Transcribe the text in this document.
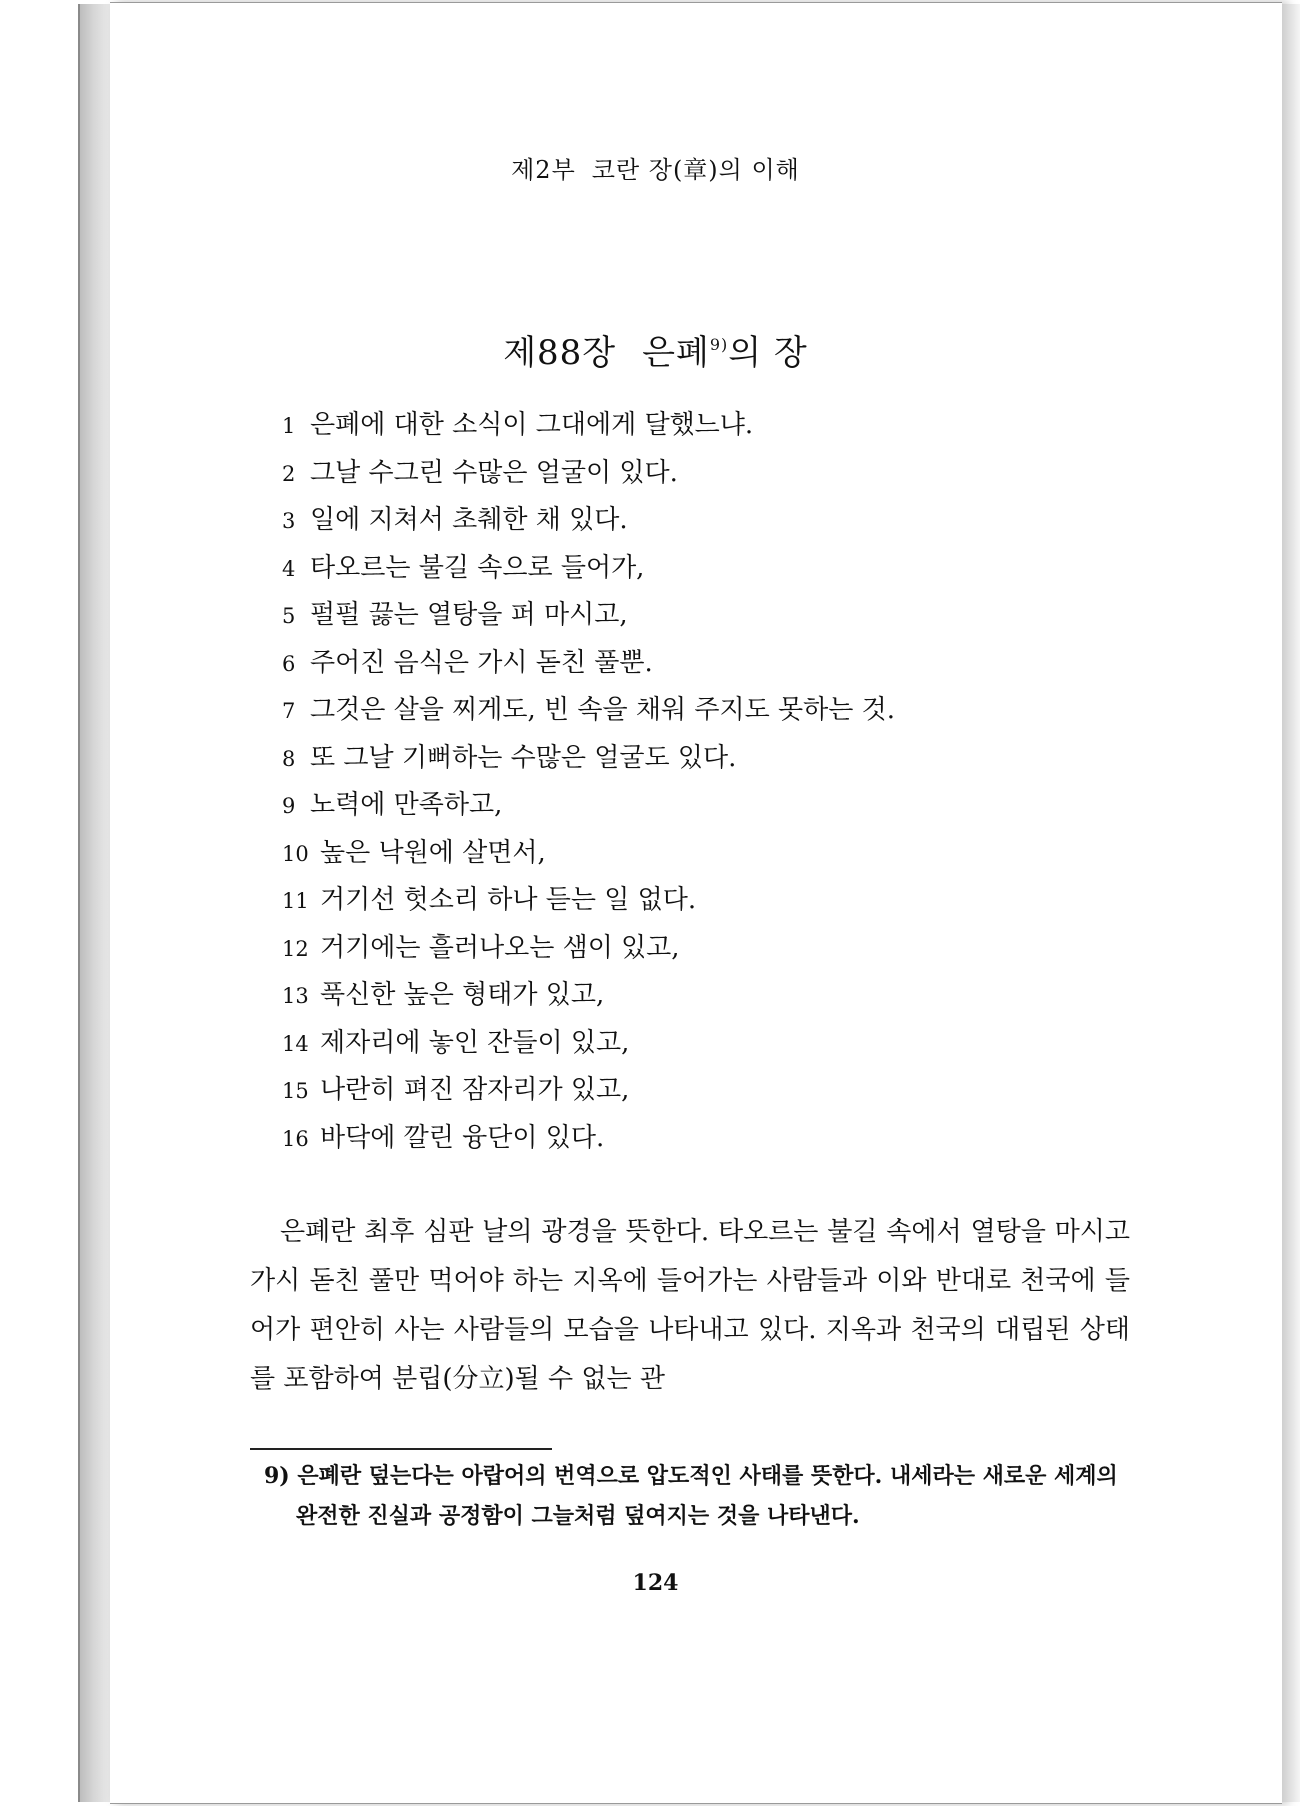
제2부 코란 장(章)의 이해
제88장 은폐$^{9)}$의 장
1 은폐에 대한 소식이 그대에게 달했느냐.
2 그날 수그린 수많은 얼굴이 있다.
3 일에 지쳐서 초췌한 채 있다.
4 타오르는 불길 속으로 들어가,
5 펄펄 끓는 열탕을 퍼 마시고,
6 주어진 음식은 가시 돋친 풀뿐.
7 그것은 살을 찌게도, 빈 속을 채워 주지도 못하는 것.
8 또 그날 기뻐하는 수많은 얼굴도 있다.
9 노력에 만족하고,
10 높은 낙원에 살면서,
11 거기선 헛소리 하나 듣는 일 없다.
12 거기에는 흘러나오는 샘이 있고,
13 푹신한 높은 형태가 있고,
14 제자리에 놓인 잔들이 있고,
15 나란히 펴진 잠자리가 있고,
16 바닥에 깔린 융단이 있다.

은폐란 최후 심판 날의 광경을 뜻한다. 타오르는 불길 속에서 열탕을 마시고 가시 돋친 풀만 먹어야 하는 지옥에 들어가는 사람들과 이와 반대로 천국에 들어가 편안히 사는 사람들의 모습을 나타내고 있다. 지옥과 천국의 대립된 상태를 포함하여 분립(分立)될 수 없는 관

9) 은폐란 덮는다는 아랍어의 번역으로 압도적인 사태를 뜻한다. 내세라는 새로운 세계의 완전한 진실과 공정함이 그늘처럼 덮여지는 것을 나타낸다.

124
